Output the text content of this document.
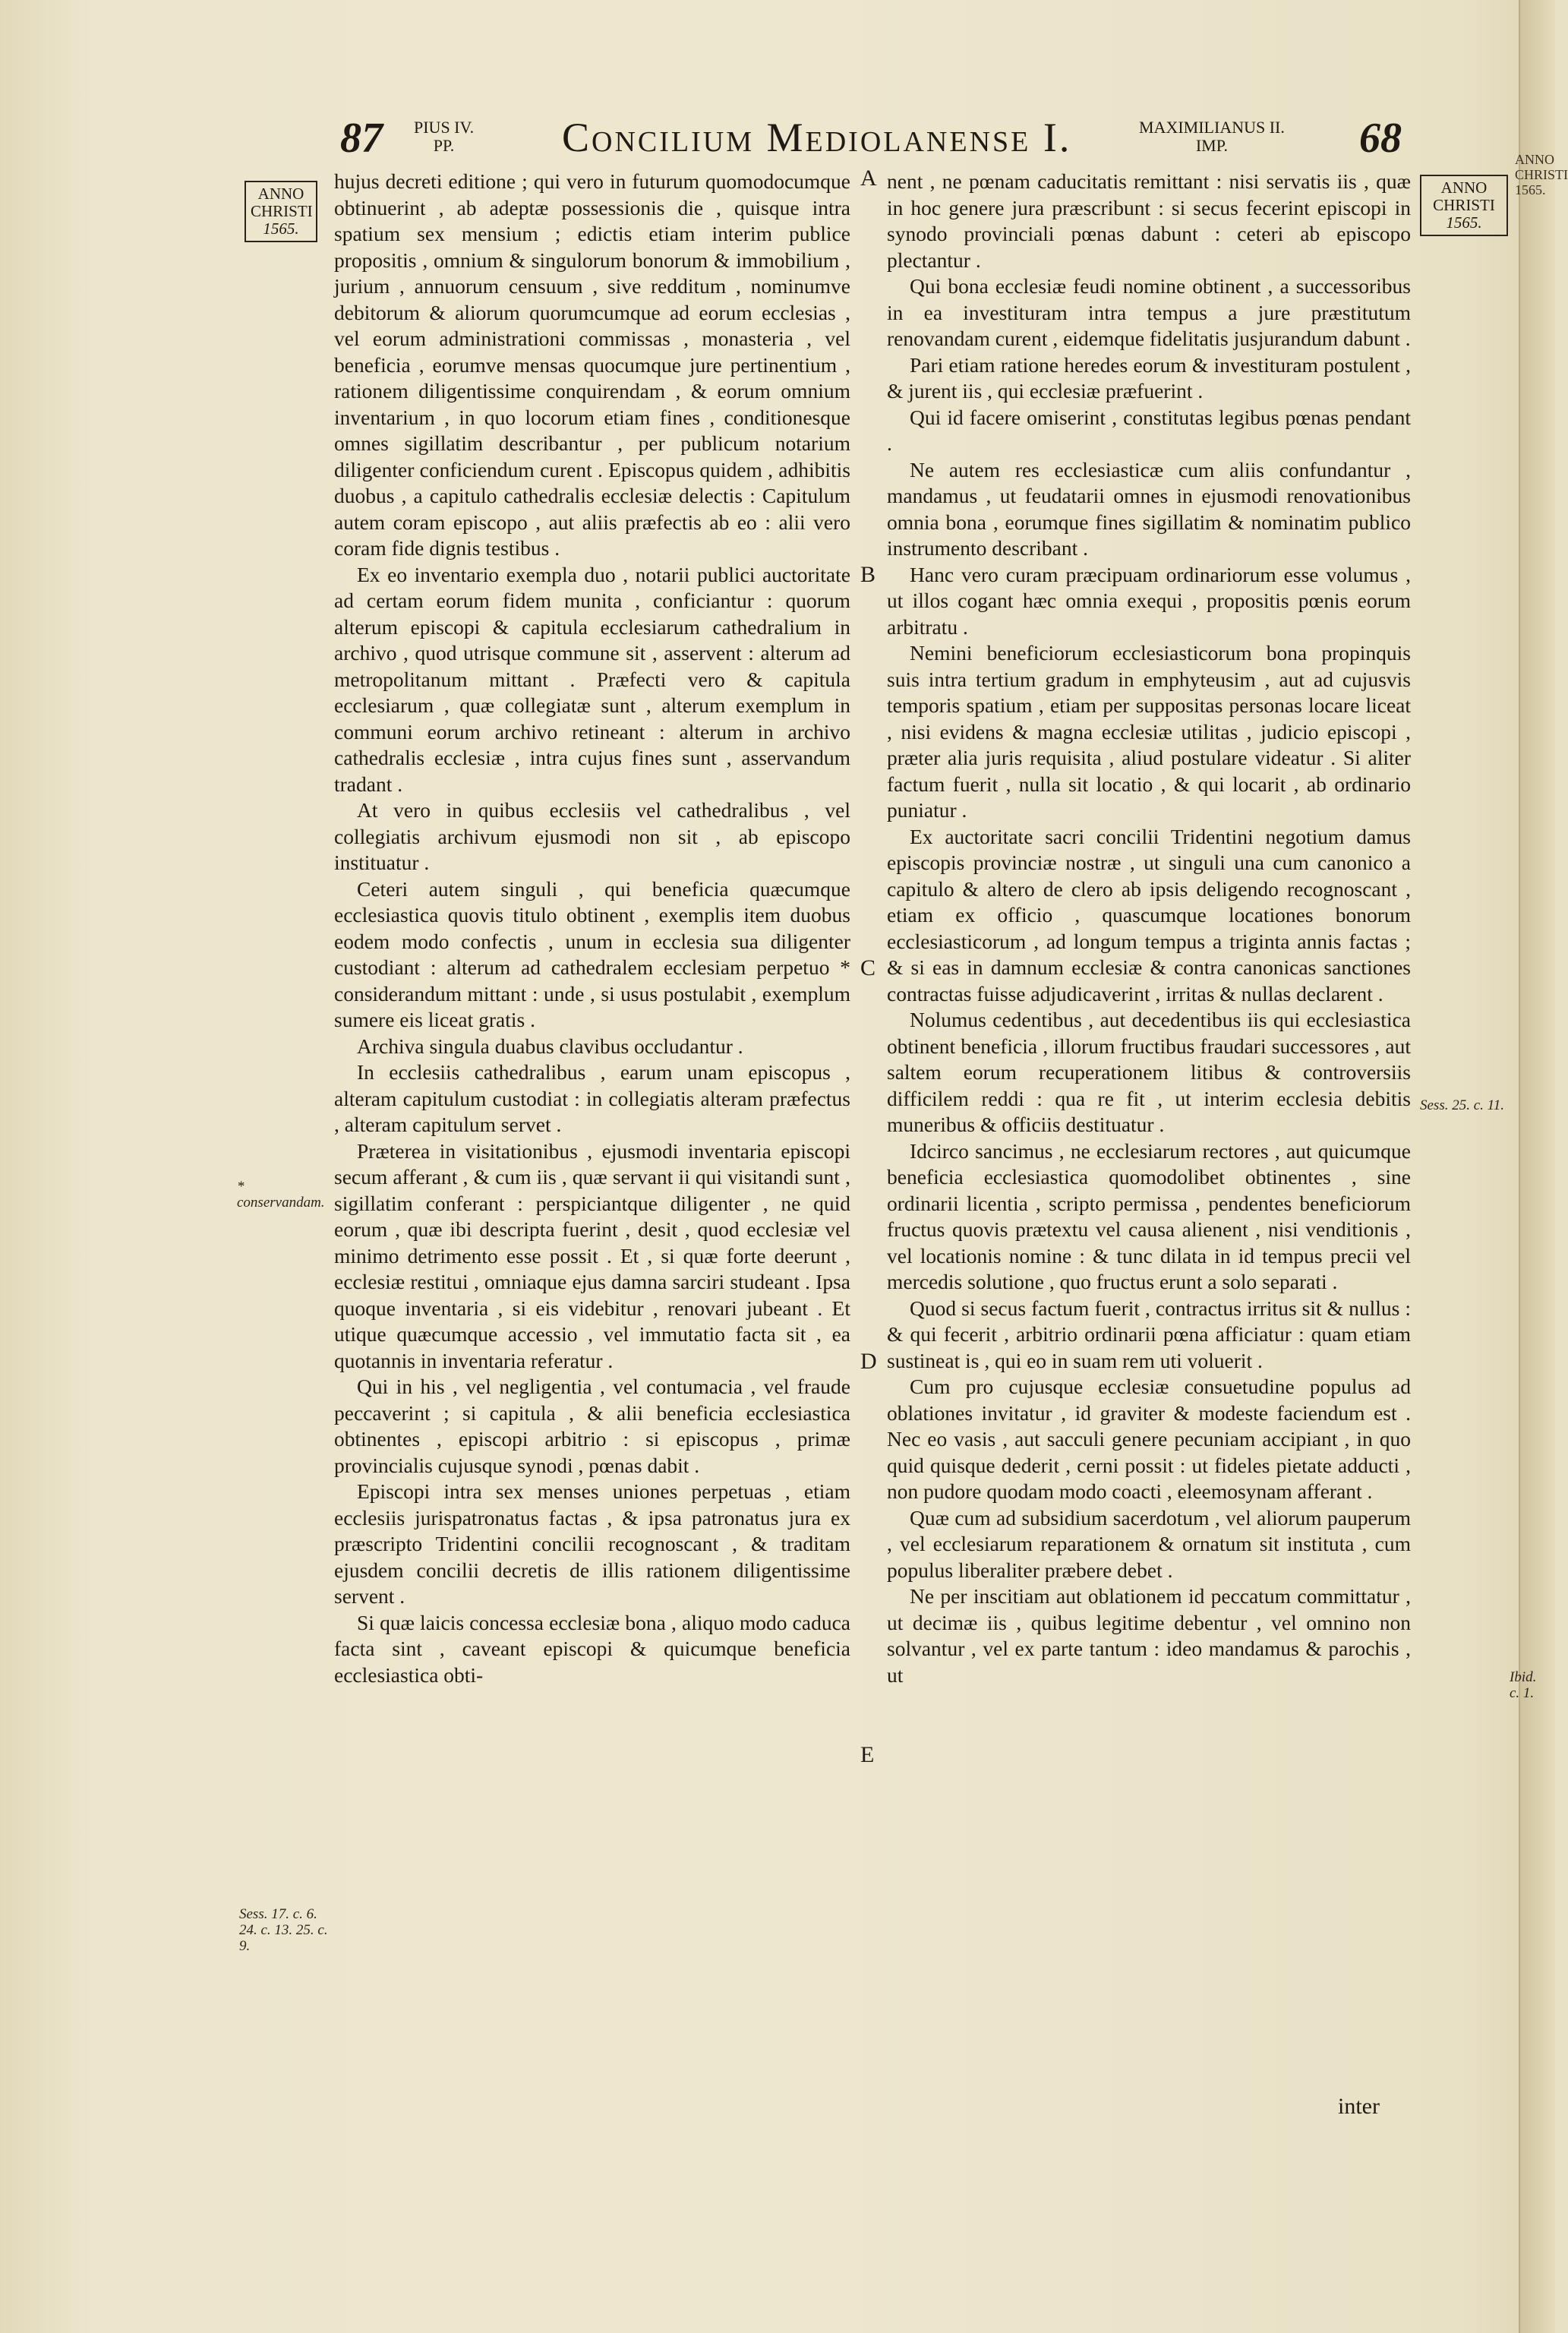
87 PIUS IV.
PP.	Concilium Mediolanense I.	MAXIMILIANUS II.
IMP.	68
ANNO
CHRISTI
1565.
ANNO
CHRISTI
1565.
ANNO CHRISTI 1565.
* conservandam.
Sess. 17. c. 6. 24. c. 13. 25. c. 9.
Sess. 25. c. 11.
Ibid. c. 1.
A
B
C
D
E

hujus decreti editione ; qui vero in futurum quomodocumque obtinuerint , ab adeptæ possessionis die , quisque intra spatium sex mensium ; edictis etiam interim publice propositis , omnium & singulorum bonorum & immobilium , jurium , annuorum censuum , sive redditum , nominumve debitorum & aliorum quorumcumque ad eorum ecclesias , vel eorum administrationi commissas , monasteria , vel beneficia , eorumve mensas quocumque jure pertinentium , rationem diligentissime conquirendam , & eorum omnium inventarium , in quo locorum etiam fines , conditionesque omnes sigillatim describantur , per publicum notarium diligenter conficiendum curent . Episcopus quidem , adhibitis duobus , a capitulo cathedralis ecclesiæ delectis : Capitulum autem coram episcopo , aut aliis præfectis ab eo : alii vero coram fide dignis testibus .

Ex eo inventario exempla duo , notarii publici auctoritate ad certam eorum fidem munita , conficiantur : quorum alterum episcopi & capitula ecclesiarum cathedralium in archivo , quod utrisque commune sit , asservent : alterum ad metropolitanum mittant . Præfecti vero & capitula ecclesiarum , quæ collegiatæ sunt , alterum exemplum in communi eorum archivo retineant : alterum in archivo cathedralis ecclesiæ , intra cujus fines sunt , asservandum tradant .

At vero in quibus ecclesiis vel cathedralibus , vel collegiatis archivum ejusmodi non sit , ab episcopo instituatur .

Ceteri autem singuli , qui beneficia quæcumque ecclesiastica quovis titulo obtinent , exemplis item duobus eodem modo confectis , unum in ecclesia sua diligenter custodiant : alterum ad cathedralem ecclesiam perpetuo * considerandum mittant : unde , si usus postulabit , exemplum sumere eis liceat gratis .

Archiva singula duabus clavibus occludantur .

In ecclesiis cathedralibus , earum unam episcopus , alteram capitulum custodiat : in collegiatis alteram præfectus , alteram capitulum servet .

Præterea in visitationibus , ejusmodi inventaria episcopi secum afferant , & cum iis , quæ servant ii qui visitandi sunt , sigillatim conferant : perspiciantque diligenter , ne quid eorum , quæ ibi descripta fuerint , desit , quod ecclesiæ vel minimo detrimento esse possit . Et , si quæ forte deerunt , ecclesiæ restitui , omniaque ejus damna sarciri studeant . Ipsa quoque inventaria , si eis videbitur , renovari jubeant . Et utique quæcumque accessio , vel immutatio facta sit , ea quotannis in inventaria referatur .

Qui in his , vel negligentia , vel contumacia , vel fraude peccaverint ; si capitula , & alii beneficia ecclesiastica obtinentes , episcopi arbitrio : si episcopus , primæ provincialis cujusque synodi , pœnas dabit .

Episcopi intra sex menses uniones perpetuas , etiam ecclesiis jurispatronatus factas , & ipsa patronatus jura ex præscripto Tridentini concilii recognoscant , & traditam ejusdem concilii decretis de illis rationem diligentissime servent .

Si quæ laicis concessa ecclesiæ bona , aliquo modo caduca facta sint , caveant episcopi & quicumque beneficia ecclesiastica obti-

nent , ne pœnam caducitatis remittant : nisi servatis iis , quæ in hoc genere jura præscribunt : si secus fecerint episcopi in synodo provinciali pœnas dabunt : ceteri ab episcopo plectantur .

Qui bona ecclesiæ feudi nomine obtinent , a successoribus in ea investituram intra tempus a jure præstitutum renovandam curent , eidemque fidelitatis jusjurandum dabunt .

Pari etiam ratione heredes eorum & investituram postulent , & jurent iis , qui ecclesiæ præfuerint .

Qui id facere omiserint , constitutas legibus pœnas pendant .

Ne autem res ecclesiasticæ cum aliis confundantur , mandamus , ut feudatarii omnes in ejusmodi renovationibus omnia bona , eorumque fines sigillatim & nominatim publico instrumento describant .

Hanc vero curam præcipuam ordinariorum esse volumus , ut illos cogant hæc omnia exequi , propositis pœnis eorum arbitratu .

Nemini beneficiorum ecclesiasticorum bona propinquis suis intra tertium gradum in emphyteusim , aut ad cujusvis temporis spatium , etiam per suppositas personas locare liceat , nisi evidens & magna ecclesiæ utilitas , judicio episcopi , præter alia juris requisita , aliud postulare videatur . Si aliter factum fuerit , nulla sit locatio , & qui locarit , ab ordinario puniatur .

Ex auctoritate sacri concilii Tridentini negotium damus episcopis provinciæ nostræ , ut singuli una cum canonico a capitulo & altero de clero ab ipsis deligendo recognoscant , etiam ex officio , quascumque locationes bonorum ecclesiasticorum , ad longum tempus a triginta annis factas ; & si eas in damnum ecclesiæ & contra canonicas sanctiones contractas fuisse adjudicaverint , irritas & nullas declarent .

Nolumus cedentibus , aut decedentibus iis qui ecclesiastica obtinent beneficia , illorum fructibus fraudari successores , aut saltem eorum recuperationem litibus & controversiis difficilem reddi : qua re fit , ut interim ecclesia debitis muneribus & officiis destituatur .

Idcirco sancimus , ne ecclesiarum rectores , aut quicumque beneficia ecclesiastica quomodolibet obtinentes , sine ordinarii licentia , scripto permissa , pendentes beneficiorum fructus quovis prætextu vel causa alienent , nisi venditionis , vel locationis nomine : & tunc dilata in id tempus precii vel mercedis solutione , quo fructus erunt a solo separati .

Quod si secus factum fuerit , contractus irritus sit & nullus : & qui fecerit , arbitrio ordinarii pœna afficiatur : quam etiam sustineat is , qui eo in suam rem uti voluerit .

Cum pro cujusque ecclesiæ consuetudine populus ad oblationes invitatur , id graviter & modeste faciendum est . Nec eo vasis , aut sacculi genere pecuniam accipiant , in quo quid quisque dederit , cerni possit : ut fideles pietate adducti , non pudore quodam modo coacti , eleemosynam afferant .

Quæ cum ad subsidium sacerdotum , vel aliorum pauperum , vel ecclesiarum reparationem & ornatum sit instituta , cum populus liberaliter præbere debet .

Ne per inscitiam aut oblationem id peccatum committatur , ut decimæ iis , quibus legitime debentur , vel omnino non solvantur , vel ex parte tantum : ideo mandamus & parochis , ut

inter
